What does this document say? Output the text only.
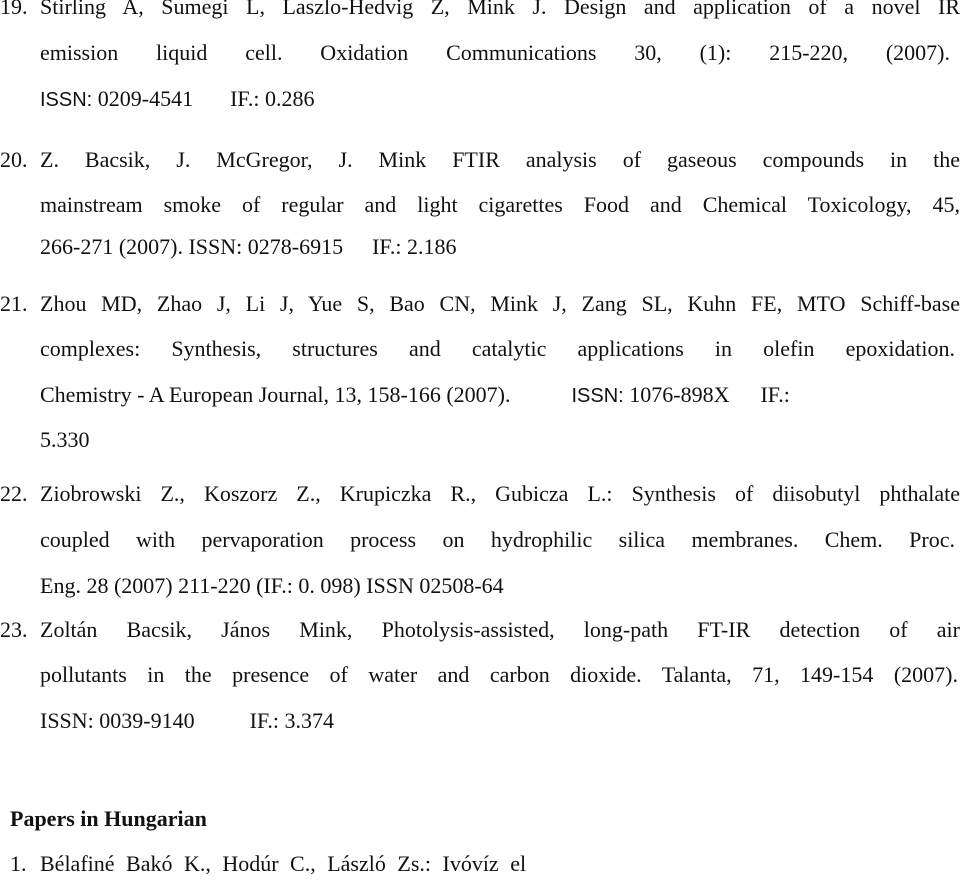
19. Stirling A, Sumegi L, Laszlo-Hedvig Z, Mink J. Design and application of a novel IR
emission liquid cell. Oxidation Communications 30, (1): 215-220, (2007).
ISSN: 0209-4541 IF.: 0.286
20. Z. Bacsik, J. McGregor, J. Mink FTIR analysis of gaseous compounds in the
mainstream smoke of regular and light cigarettes Food and Chemical Toxicology, 45,
266-271 (2007). ISSN: 0278-6915 IF.: 2.186
21. Zhou MD, Zhao J, Li J, Yue S, Bao CN, Mink J, Zang SL, Kuhn FE, MTO Schiff-base
complexes: Synthesis, structures and catalytic applications in olefin epoxidation.
Chemistry - A European Journal, 13, 158-166 (2007).	ISSN: 1076-898X IF.:
5.330
22. Ziobrowski Z., Koszorz Z., Krupiczka R., Gubicza L.: Synthesis of diisobutyl phthalate
coupled with pervaporation process on hydrophilic silica membranes. Chem. Proc.
Eng. 28 (2007) 211-220 (IF.: 0. 098) ISSN 02508-64
23. Zoltán Bacsik, János Mink, Photolysis-assisted, long-path FT-IR detection of air
pollutants in the presence of water and carbon dioxide. Talanta, 71, 149-154 (2007).
ISSN: 0039-9140	IF.: 3.374
Papers in Hungarian
1. Bélafiné Bakó K., Hodúr C., László Zs.: Ivóvíz el
